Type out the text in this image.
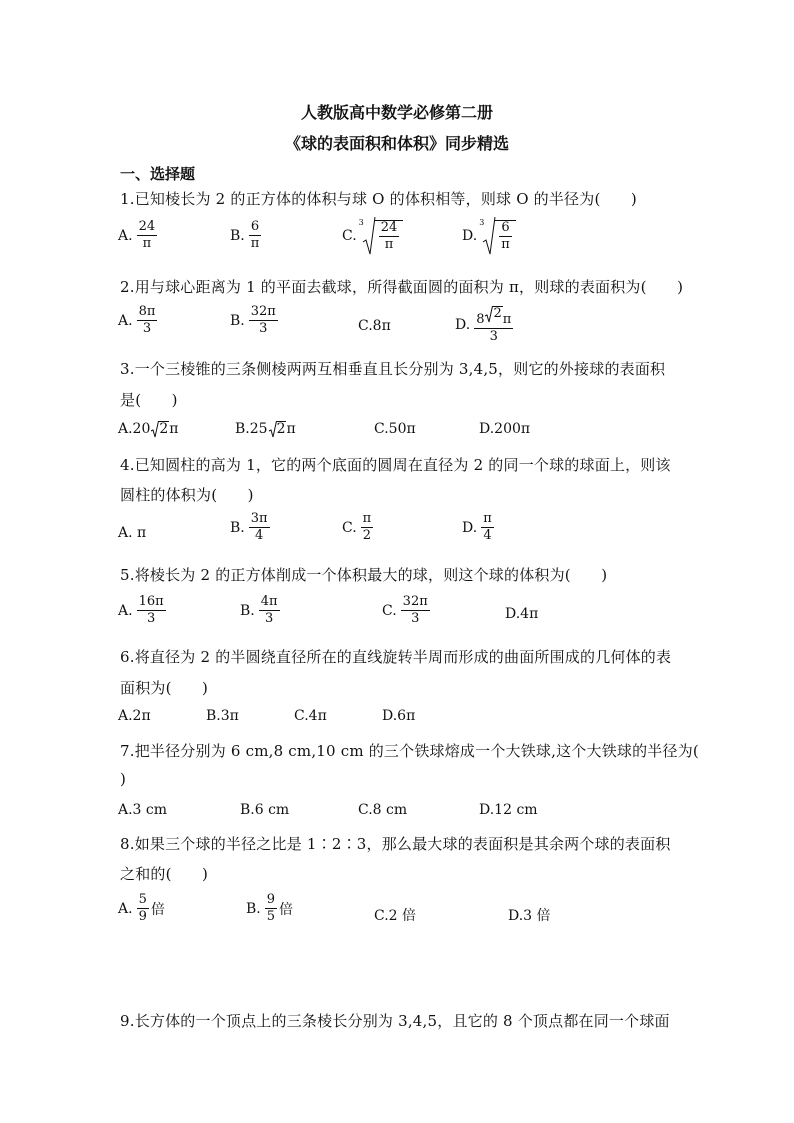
人教版高中数学必修第二册
《球的表面积和体积》同步精选
一、选择题
1.已知棱长为 2 的正方体的体积与球 O 的体积相等，则球 O 的半径为(　　)
A. $\frac{24}{\pi}$	B. $\frac{6}{\pi}$	C.
$3 \frac{24}{\pi}$	D.
$3 \frac{6}{\pi}$
2.用与球心距离为 1 的平面去截球，所得截面圆的面积为 π，则球的表面积为(　　)
A. $\frac{8\pi}{3}$	B. $\frac{32\pi}{3}$	C.8π	D. $\frac{8 2 \pi}{3}$
3.一个三棱锥的三条侧棱两两互相垂直且长分别为 3,4,5，则它的外接球的表面积
是(　　)
A.20 2 π	B.25 2 π	C.50π	D.200π
4.已知圆柱的高为 1，它的两个底面的圆周在直径为 2 的同一个球的球面上，则该
圆柱的体积为(　　)
A. π	B. $\frac{3\pi}{4}$	C. $\frac{\pi}{2}$	D. $\frac{\pi}{4}$
5.将棱长为 2 的正方体削成一个体积最大的球，则这个球的体积为(　　)
A. $\frac{16\pi}{3}$	B. $\frac{4\pi}{3}$	C. $\frac{32\pi}{3}$	D.4π
6.将直径为 2 的半圆绕直径所在的直线旋转半周而形成的曲面所围成的几何体的表
面积为(　　)
A.2π	B.3π	C.4π	D.6π
7.把半径分别为 6 cm,8 cm,10 cm 的三个铁球熔成一个大铁球,这个大铁球的半径为(
)
A.3 cm	B.6 cm	C.8 cm	D.12 cm
8.如果三个球的半径之比是 1∶2∶3，那么最大球的表面积是其余两个球的表面积
之和的(　　)
A. $\frac{5}{9}$ 倍	B. $\frac{9}{5}$ 倍	C.2 倍	D.3 倍
9.长方体的一个顶点上的三条棱长分别为 3,4,5，且它的 8 个顶点都在同一个球面
